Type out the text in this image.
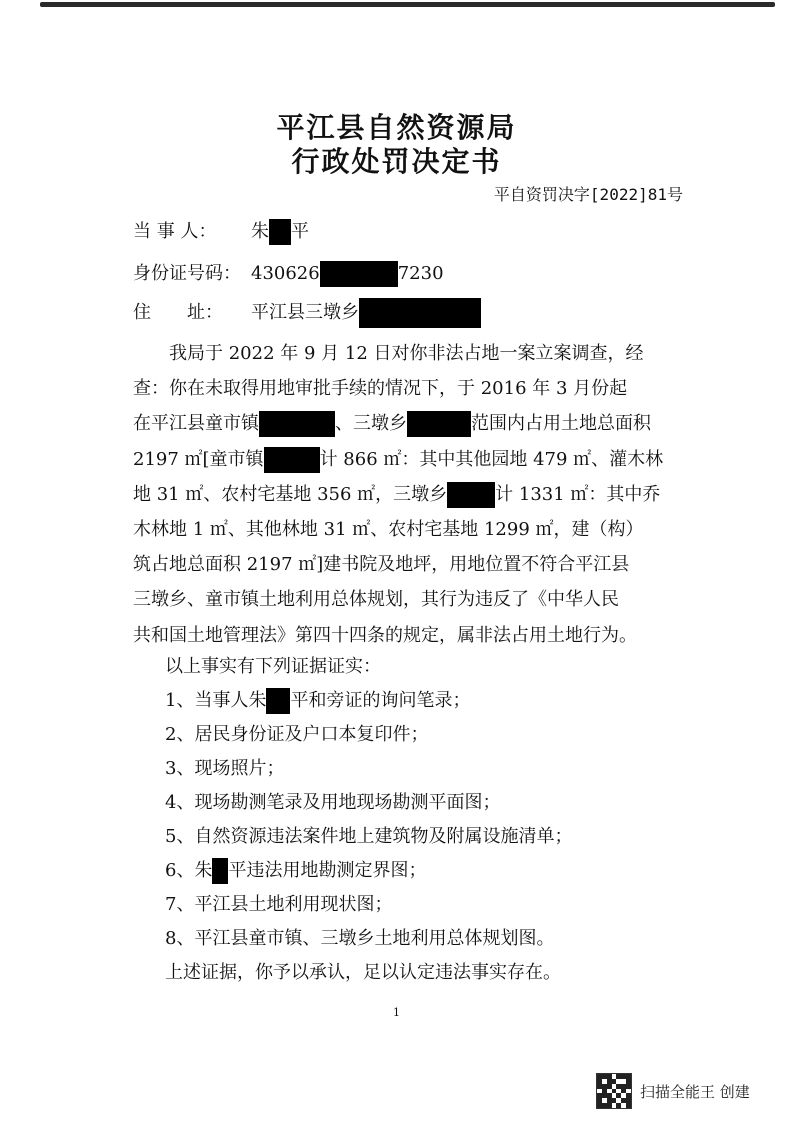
平江县自然资源局
行政处罚决定书
平自资罚决字[2022]81号
当 事 人： 朱 平
身份证号码： 430626	7230
住　　址： 平江县三墩乡
我局于 2022 年 9 月 12 日对你非法占地一案立案调查，经
查：你在未取得用地审批手续的情况下，于 2016 年 3 月份起
在平江县童市镇	、三墩乡	范围内占用土地总面积
2197 ㎡[童市镇	计 866 ㎡：其中其他园地 479 ㎡、灌木林
地 31 ㎡、农村宅基地 356 ㎡，三墩乡	计 1331 ㎡：其中乔
木林地 1 ㎡、其他林地 31 ㎡、农村宅基地 1299 ㎡，建（构）
筑占地总面积 2197 ㎡]建书院及地坪，用地位置不符合平江县
三墩乡、童市镇土地利用总体规划，其行为违反了《中华人民
共和国土地管理法》第四十四条的规定，属非法占用土地行为。
以上事实有下列证据证实：
1、当事人朱 平和旁证的询问笔录；
2、居民身份证及户口本复印件；
3、现场照片；
4、现场勘测笔录及用地现场勘测平面图；
5、自然资源违法案件地上建筑物及附属设施清单；
6、朱 平违法用地勘测定界图；
7、平江县土地利用现状图；
8、平江县童市镇、三墩乡土地利用总体规划图。
上述证据，你予以承认，足以认定违法事实存在。
1
扫描全能王 创建
